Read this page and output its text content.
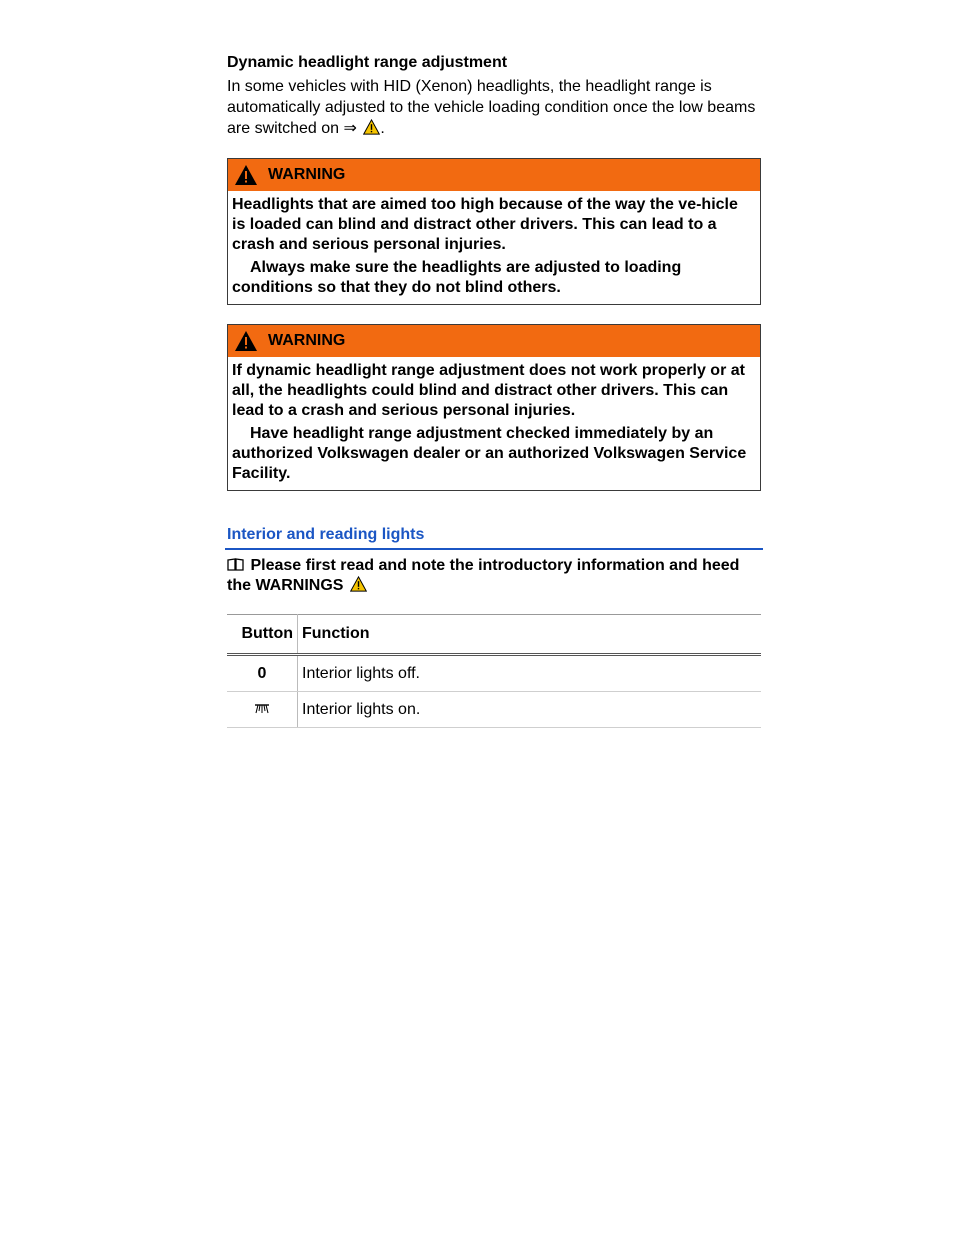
Dynamic headlight range adjustment

In some vehicles with HID (Xenon) headlights, the headlight range is automatically adjusted to the vehicle loading condition once the low beams are switched on ⇒ .

WARNING

Headlights that are aimed too high because of the way the ve-hicle is loaded can blind and distract other drivers. This can lead to a crash and serious personal injuries.

Always make sure the headlights are adjusted to loading conditions so that they do not blind others.

WARNING

If dynamic headlight range adjustment does not work properly or at all, the headlights could blind and distract other drivers. This can lead to a crash and serious personal injuries.

Have headlight range adjustment checked immediately by an authorized Volkswagen dealer or an authorized Volkswagen Service Facility.

Interior and reading lights
Please first read and note the introductory information and heed the WARNINGS
Button	Function
0	Interior lights off.
	Interior lights on.
